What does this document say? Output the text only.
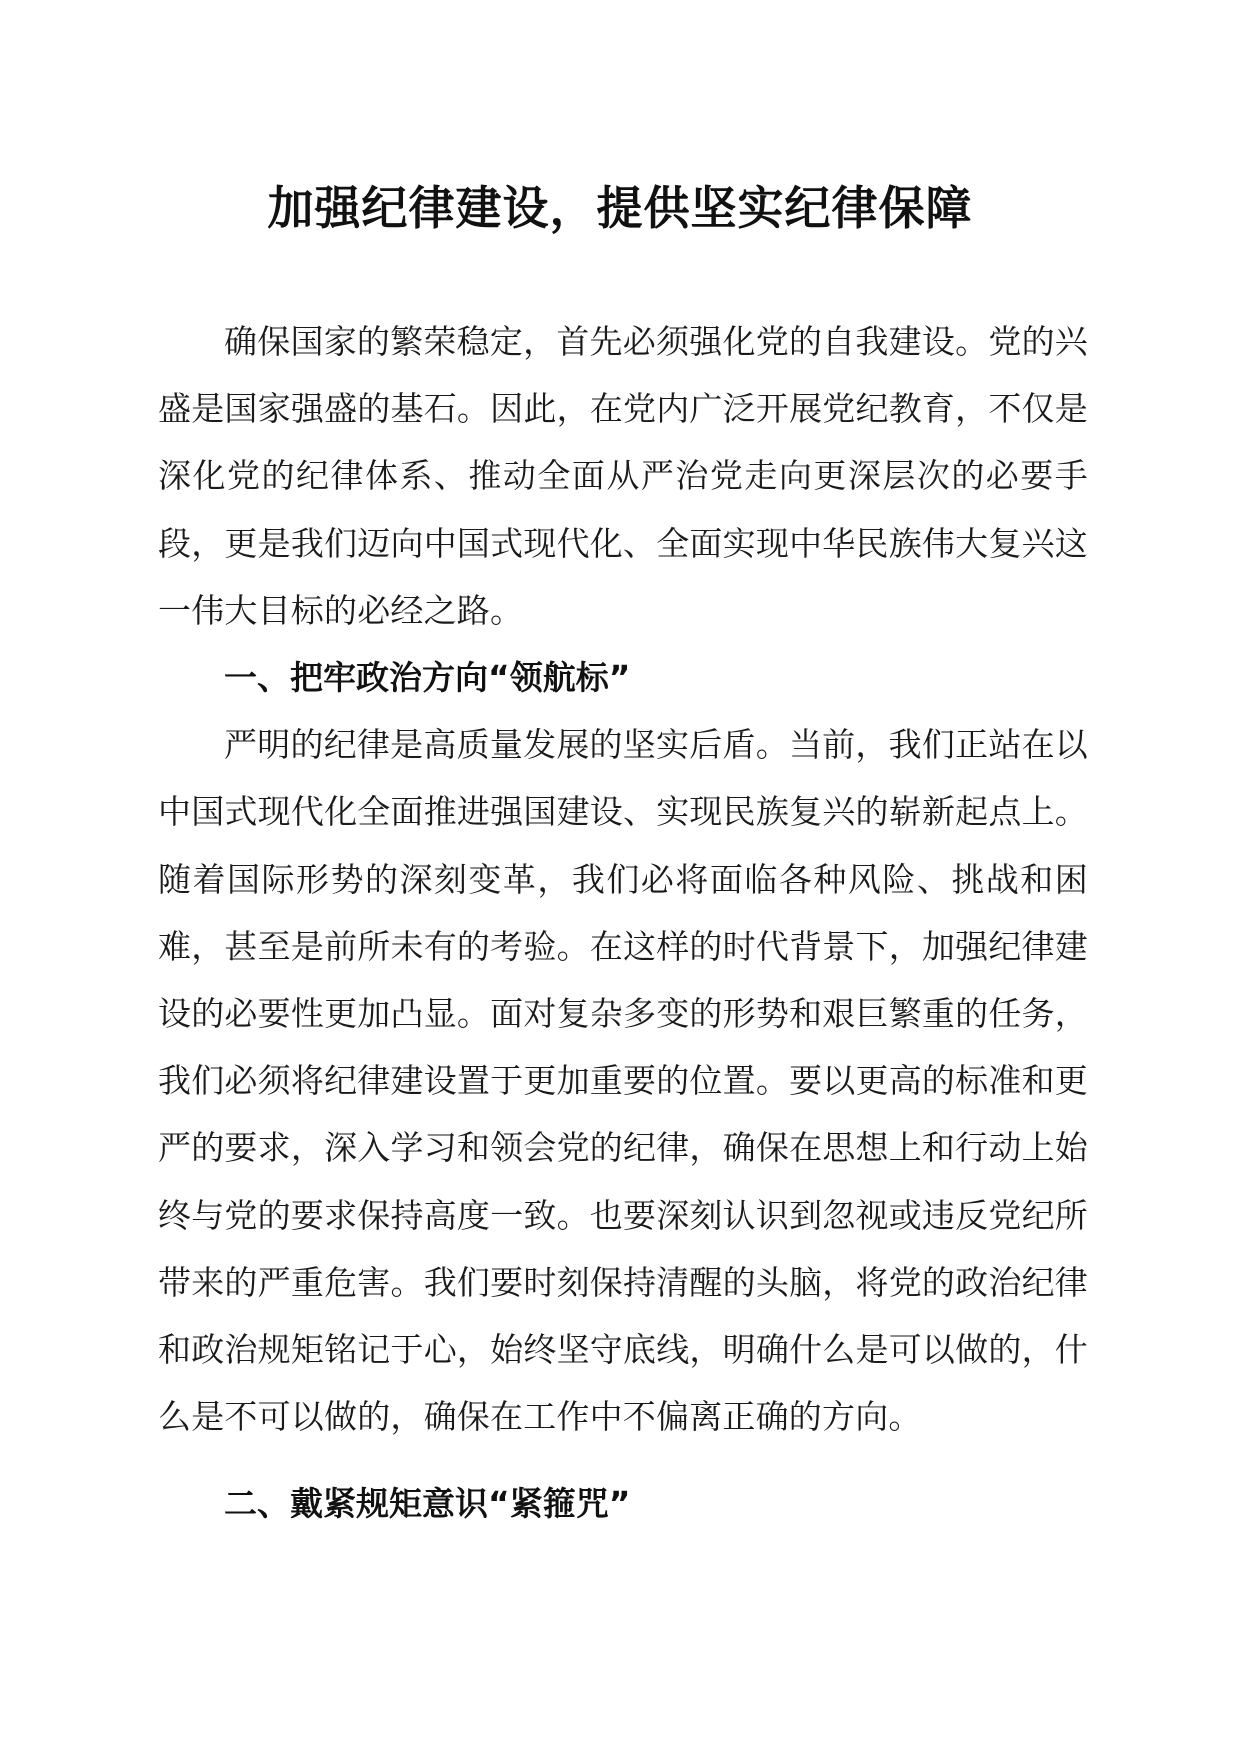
加强纪律建设，提供坚实纪律保障

确保国家的繁荣稳定，首先必须强化党的自我建设。党的兴盛是国家强盛的基石。因此，在党内广泛开展党纪教育，不仅是深化党的纪律体系、推动全面从严治党走向更深层次的必要手段，更是我们迈向中国式现代化、全面实现中华民族伟大复兴这一伟大目标的必经之路。

一、把牢政治方向“领航标”

严明的纪律是高质量发展的坚实后盾。当前，我们正站在以中国式现代化全面推进强国建设、实现民族复兴的崭新起点上。随着国际形势的深刻变革，我们必将面临各种风险、挑战和困难，甚至是前所未有的考验。在这样的时代背景下，加强纪律建设的必要性更加凸显。面对复杂多变的形势和艰巨繁重的任务，我们必须将纪律建设置于更加重要的位置。要以更高的标准和更严的要求，深入学习和领会党的纪律，确保在思想上和行动上始终与党的要求保持高度一致。也要深刻认识到忽视或违反党纪所带来的严重危害。我们要时刻保持清醒的头脑，将党的政治纪律和政治规矩铭记于心，始终坚守底线，明确什么是可以做的，什么是不可以做的，确保在工作中不偏离正确的方向。

二、戴紧规矩意识“紧箍咒”
